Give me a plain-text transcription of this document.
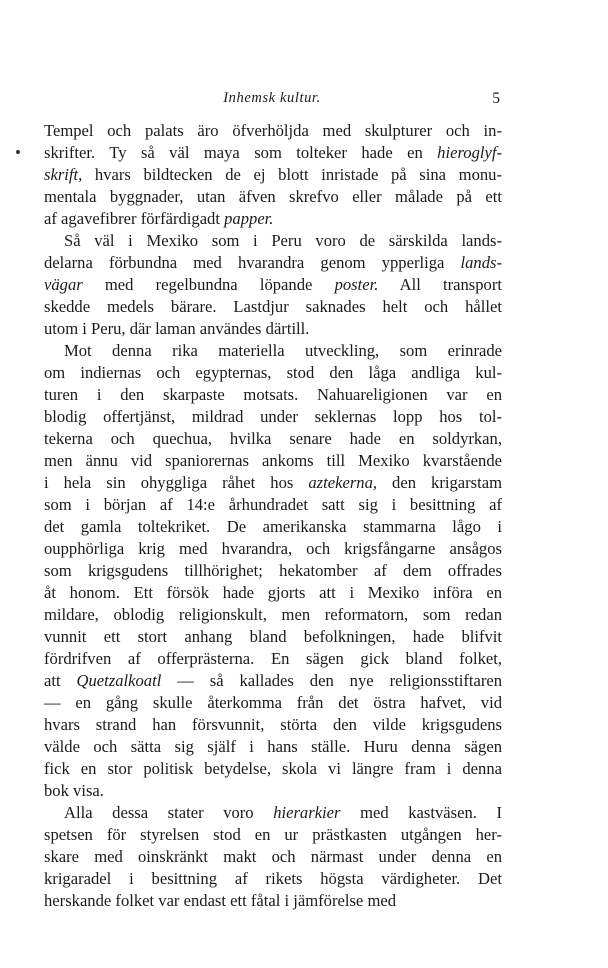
Inhemsk kultur.	5
Tempel och palats äro öfverhöljda med skulpturer och in-
skrifter. Ty så väl maya som tolteker hade en hieroglyf-
skrift, hvars bildtecken de ej blott inristade på sina monu-
mentala byggnader, utan äfven skrefvo eller målade på ett
af agavefibrer förfärdigadt papper.
Så väl i Mexiko som i Peru voro de särskilda lands-
delarna förbundna med hvarandra genom ypperliga lands-
vägar med regelbundna löpande poster. All transport
skedde medels bärare. Lastdjur saknades helt och hållet
utom i Peru, där laman användes därtill.
Mot denna rika materiella utveckling, som erinrade
om indiernas och egypternas, stod den låga andliga kul-
turen i den skarpaste motsats. Nahuareligionen var en
blodig offertjänst, mildrad under seklernas lopp hos tol-
tekerna och quechua, hvilka senare hade en soldyrkan,
men ännu vid spaniorernas ankoms till Mexiko kvarstående
i hela sin ohyggliga råhet hos aztekerna, den krigarstam
som i början af 14:e århundradet satt sig i besittning af
det gamla toltekriket. De amerikanska stammarna lågo i
oupphörliga krig med hvarandra, och krigsfångarne ansågos
som krigsgudens tillhörighet; hekatomber af dem offrades
åt honom. Ett försök hade gjorts att i Mexiko införa en
mildare, oblodig religionskult, men reformatorn, som redan
vunnit ett stort anhang bland befolkningen, hade blifvit
fördrifven af offerprästerna. En sägen gick bland folket,
att Quetzalkoatl — så kallades den nye religionsstiftaren
— en gång skulle återkomma från det östra hafvet, vid
hvars strand han försvunnit, störta den vilde krigsgudens
välde och sätta sig själf i hans ställe. Huru denna sägen
fick en stor politisk betydelse, skola vi längre fram i denna
bok visa.
Alla dessa stater voro hierarkier med kastväsen. I
spetsen för styrelsen stod en ur prästkasten utgången her-
skare med oinskränkt makt och närmast under denna en
krigaradel i besittning af rikets högsta värdigheter. Det
herskande folket var endast ett fåtal i jämförelse med
